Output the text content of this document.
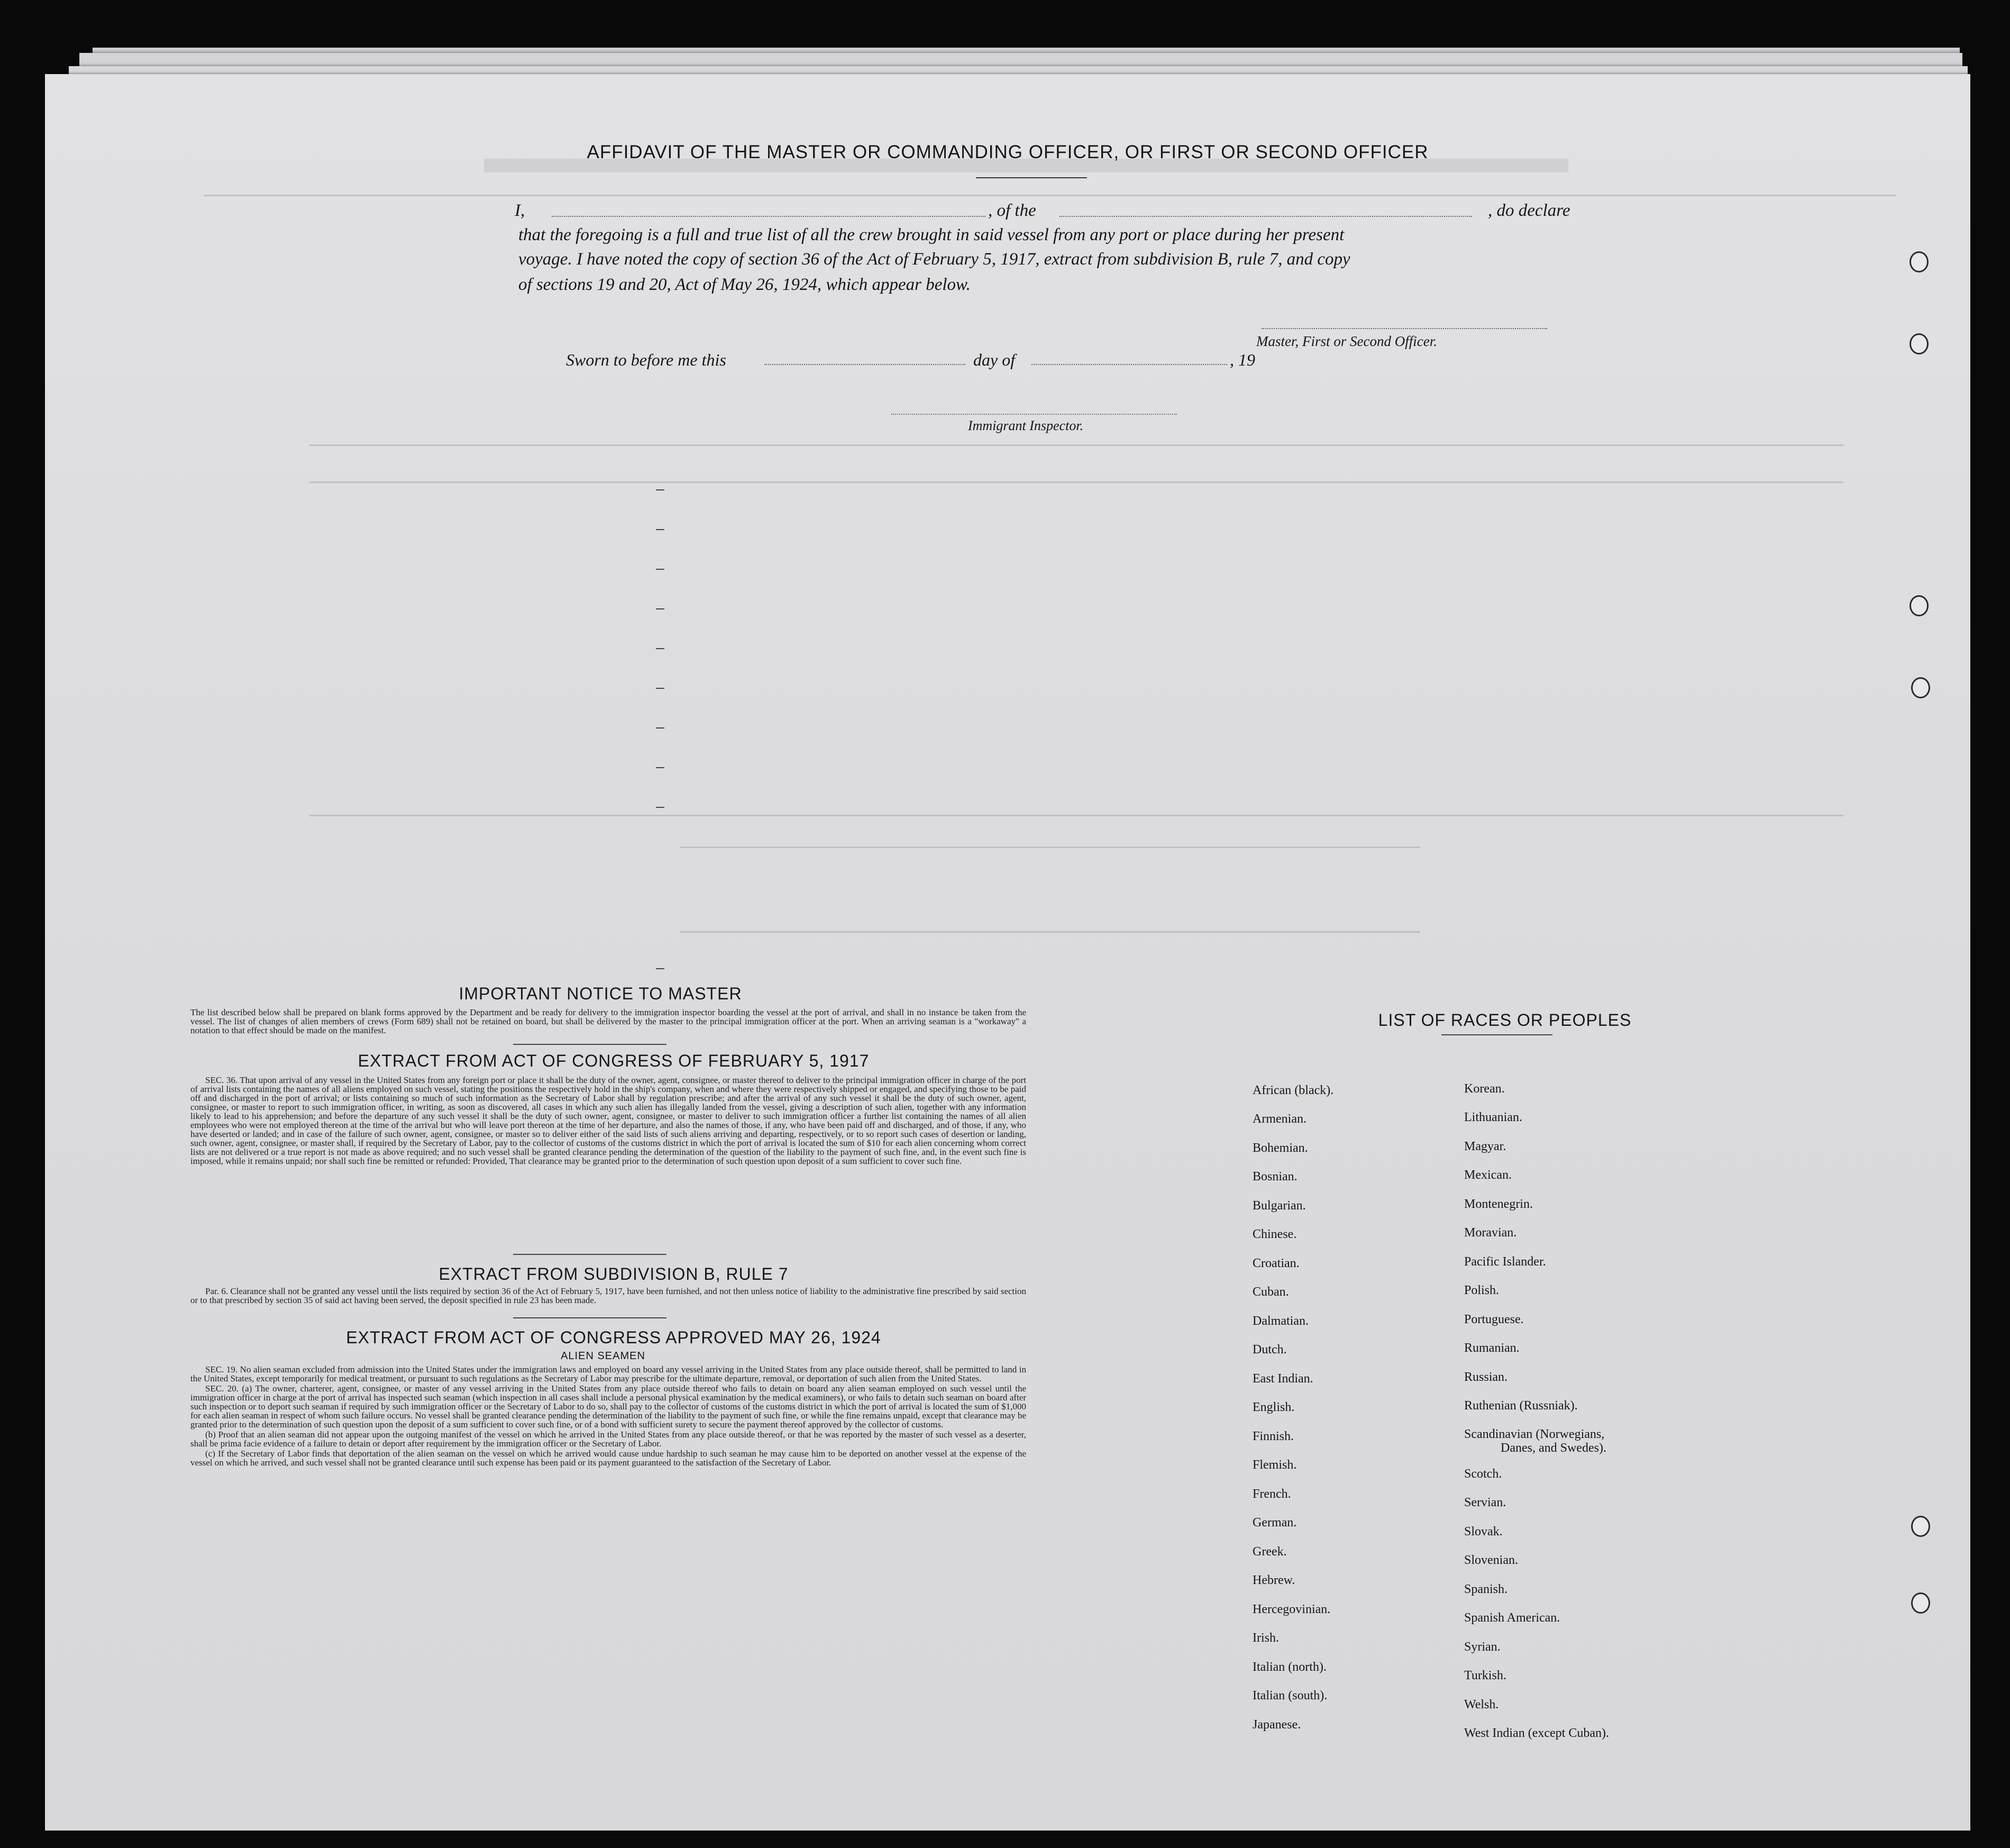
AFFIDAVIT OF THE MASTER OR COMMANDING OFFICER, OR FIRST OR SECOND OFFICER
I,	, of the	, do declare
that the foregoing is a full and true list of all the crew brought in said vessel from any port or place during her present
voyage. I have noted the copy of section 36 of the Act of February 5, 1917, extract from subdivision B, rule 7, and copy
of sections 19 and 20, Act of May 26, 1924, which appear below.
Master, First or Second Officer.
Sworn to before me this	day of	, 19
Immigrant Inspector.
IMPORTANT NOTICE TO MASTER
The list described below shall be prepared on blank forms approved by the Department and be ready for delivery to the immigration inspector boarding the vessel at the port of arrival, and shall in no instance be taken from the vessel. The list of changes of alien members of crews (Form 689) shall not be retained on board, but shall be delivered by the master to the principal immigration officer at the port. When an arriving seaman is a "workaway" a notation to that effect should be made on the manifest.
EXTRACT FROM ACT OF CONGRESS OF FEBRUARY 5, 1917

SEC. 36. That upon arrival of any vessel in the United States from any foreign port or place it shall be the duty of the owner, agent, consignee, or master thereof to deliver to the principal immigration officer in charge of the port of arrival lists containing the names of all aliens employed on such vessel, stating the positions the respectively hold in the ship's company, when and where they were respectively shipped or engaged, and specifying those to be paid off and discharged in the port of arrival; or lists containing so much of such information as the Secretary of Labor shall by regulation prescribe; and after the arrival of any such vessel it shall be the duty of such owner, agent, consignee, or master to report to such immigration officer, in writing, as soon as discovered, all cases in which any such alien has illegally landed from the vessel, giving a description of such alien, together with any information likely to lead to his apprehension; and before the departure of any such vessel it shall be the duty of such owner, agent, consignee, or master to deliver to such immigration officer a further list containing the names of all alien employees who were not employed thereon at the time of the arrival but who will leave port thereon at the time of her departure, and also the names of those, if any, who have been paid off and discharged, and of those, if any, who have deserted or landed; and in case of the failure of such owner, agent, consignee, or master so to deliver either of the said lists of such aliens arriving and departing, respectively, or to so report such cases of desertion or landing, such owner, agent, consignee, or master shall, if required by the Secretary of Labor, pay to the collector of customs of the customs district in which the port of arrival is located the sum of $10 for each alien concerning whom correct lists are not delivered or a true report is not made as above required; and no such vessel shall be granted clearance pending the determination of the question of the liability to the payment of such fine, and, in the event such fine is imposed, while it remains unpaid; nor shall such fine be remitted or refunded: Provided, That clearance may be granted prior to the determination of such question upon deposit of a sum sufficient to cover such fine.

EXTRACT FROM SUBDIVISION B, RULE 7

Par. 6. Clearance shall not be granted any vessel until the lists required by section 36 of the Act of February 5, 1917, have been furnished, and not then unless notice of liability to the administrative fine prescribed by said section or to that prescribed by section 35 of said act having been served, the deposit specified in rule 23 has been made.

EXTRACT FROM ACT OF CONGRESS APPROVED MAY 26, 1924
ALIEN SEAMEN

SEC. 19. No alien seaman excluded from admission into the United States under the immigration laws and employed on board any vessel arriving in the United States from any place outside thereof, shall be permitted to land in the United States, except temporarily for medical treatment, or pursuant to such regulations as the Secretary of Labor may prescribe for the ultimate departure, removal, or deportation of such alien from the United States.

SEC. 20. (a) The owner, charterer, agent, consignee, or master of any vessel arriving in the United States from any place outside thereof who fails to detain on board any alien seaman employed on such vessel until the immigration officer in charge at the port of arrival has inspected such seaman (which inspection in all cases shall include a personal physical examination by the medical examiners), or who fails to detain such seaman on board after such inspection or to deport such seaman if required by such immigration officer or the Secretary of Labor to do so, shall pay to the collector of customs of the customs district in which the port of arrival is located the sum of $1,000 for each alien seaman in respect of whom such failure occurs. No vessel shall be granted clearance pending the determination of the liability to the payment of such fine, or while the fine remains unpaid, except that clearance may be granted prior to the determination of such question upon the deposit of a sum sufficient to cover such fine, or of a bond with sufficient surety to secure the payment thereof approved by the collector of customs.

(b) Proof that an alien seaman did not appear upon the outgoing manifest of the vessel on which he arrived in the United States from any place outside thereof, or that he was reported by the master of such vessel as a deserter, shall be prima facie evidence of a failure to detain or deport after requirement by the immigration officer or the Secretary of Labor.

(c) If the Secretary of Labor finds that deportation of the alien seaman on the vessel on which he arrived would cause undue hardship to such seaman he may cause him to be deported on another vessel at the expense of the vessel on which he arrived, and such vessel shall not be granted clearance until such expense has been paid or its payment guaranteed to the satisfaction of the Secretary of Labor.

LIST OF RACES OR PEOPLES
African (black).
Armenian.
Bohemian.
Bosnian.
Bulgarian.
Chinese.
Croatian.
Cuban.
Dalmatian.
Dutch.
East Indian.
English.
Finnish.
Flemish.
French.
German.
Greek.
Hebrew.
Hercegovinian.
Irish.
Italian (north).
Italian (south).
Japanese.
Korean.
Lithuanian.
Magyar.
Mexican.
Montenegrin.
Moravian.
Pacific Islander.
Polish.
Portuguese.
Rumanian.
Russian.
Ruthenian (Russniak).
Scandinavian (Norwegians,
Danes, and Swedes).
Scotch.
Servian.
Slovak.
Slovenian.
Spanish.
Spanish American.
Syrian.
Turkish.
Welsh.
West Indian (except Cuban).
